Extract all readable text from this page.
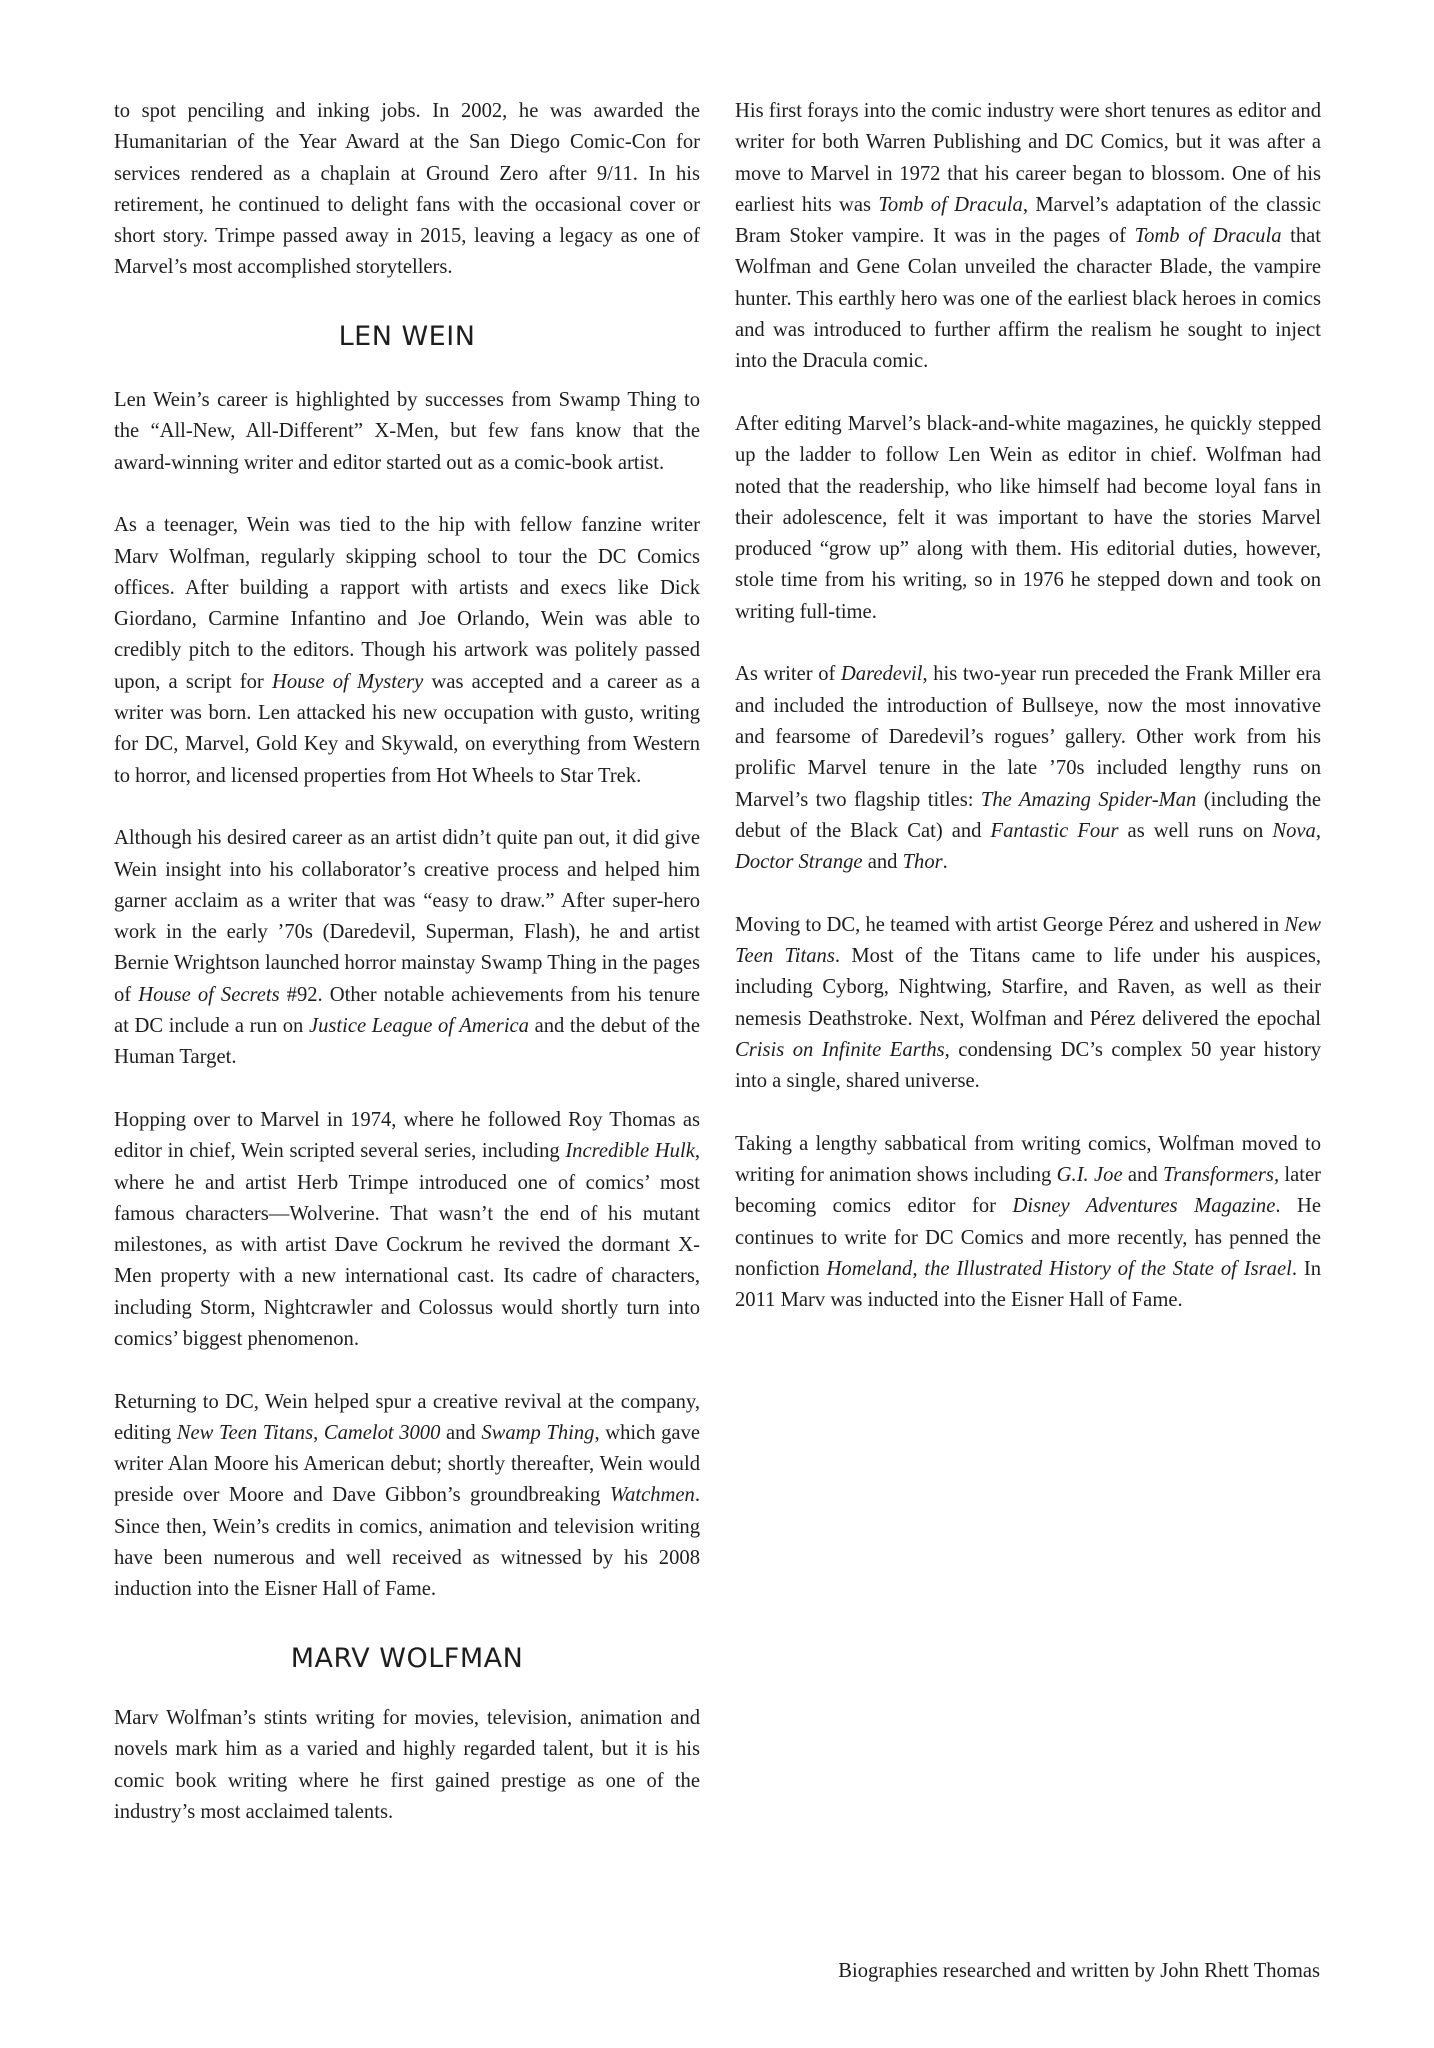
to spot penciling and inking jobs. In 2002, he was awarded the Humanitarian of the Year Award at the San Diego Comic-Con for services rendered as a chaplain at Ground Zero after 9/11. In his retirement, he continued to delight fans with the occasional cover or short story. Trimpe passed away in 2015, leaving a legacy as one of Marvel’s most accomplished storytellers.

LEN WEIN

Len Wein’s career is highlighted by successes from Swamp Thing to the “All-New, All-Different” X-Men, but few fans know that the award-winning writer and editor started out as a comic-book artist.

As a teenager, Wein was tied to the hip with fellow fanzine writer Marv Wolfman, regularly skipping school to tour the DC Comics offices. After building a rapport with artists and execs like Dick Giordano, Carmine Infantino and Joe Orlando, Wein was able to credibly pitch to the editors. Though his artwork was politely passed upon, a script for House of Mystery was accepted and a career as a writer was born. Len attacked his new occupation with gusto, writing for DC, Marvel, Gold Key and Skywald, on everything from Western to horror, and licensed properties from Hot Wheels to Star Trek.

Although his desired career as an artist didn’t quite pan out, it did give Wein insight into his collaborator’s creative process and helped him garner acclaim as a writer that was “easy to draw.” After super-hero work in the early ’70s (Daredevil, Superman, Flash), he and artist Bernie Wrightson launched horror mainstay Swamp Thing in the pages of House of Secrets #92. Other notable achievements from his tenure at DC include a run on Justice League of America and the debut of the Human Target.

Hopping over to Marvel in 1974, where he followed Roy Thomas as editor in chief, Wein scripted several series, including Incredible Hulk, where he and artist Herb Trimpe introduced one of comics’ most famous characters—Wolverine. That wasn’t the end of his mutant milestones, as with artist Dave Cockrum he revived the dormant X-Men property with a new international cast. Its cadre of characters, including Storm, Nightcrawler and Colossus would shortly turn into comics’ biggest phenomenon.

Returning to DC, Wein helped spur a creative revival at the company, editing New Teen Titans, Camelot 3000 and Swamp Thing, which gave writer Alan Moore his American debut; shortly thereafter, Wein would preside over Moore and Dave Gibbon’s groundbreaking Watchmen. Since then, Wein’s credits in comics, animation and television writing have been numerous and well received as witnessed by his 2008 induction into the Eisner Hall of Fame.

MARV WOLFMAN

Marv Wolfman’s stints writing for movies, television, animation and novels mark him as a varied and highly regarded talent, but it is his comic book writing where he first gained prestige as one of the industry’s most acclaimed talents.

His first forays into the comic industry were short tenures as editor and writer for both Warren Publishing and DC Comics, but it was after a move to Marvel in 1972 that his career began to blossom. One of his earliest hits was Tomb of Dracula, Marvel’s adaptation of the classic Bram Stoker vampire. It was in the pages of Tomb of Dracula that Wolfman and Gene Colan unveiled the character Blade, the vampire hunter. This earthly hero was one of the earliest black heroes in comics and was introduced to further affirm the realism he sought to inject into the Dracula comic.

After editing Marvel’s black-and-white magazines, he quickly stepped up the ladder to follow Len Wein as editor in chief. Wolfman had noted that the readership, who like himself had become loyal fans in their adolescence, felt it was important to have the stories Marvel produced “grow up” along with them. His editorial duties, however, stole time from his writing, so in 1976 he stepped down and took on writing full-time.

As writer of Daredevil, his two-year run preceded the Frank Miller era and included the introduction of Bullseye, now the most innovative and fearsome of Daredevil’s rogues’ gallery. Other work from his prolific Marvel tenure in the late ’70s included lengthy runs on Marvel’s two flagship titles: The Amazing Spider-Man (including the debut of the Black Cat) and Fantastic Four as well runs on Nova, Doctor Strange and Thor.

Moving to DC, he teamed with artist George Pérez and ushered in New Teen Titans. Most of the Titans came to life under his auspices, including Cyborg, Nightwing, Starfire, and Raven, as well as their nemesis Deathstroke. Next, Wolfman and Pérez delivered the epochal Crisis on Infinite Earths, condensing DC’s complex 50 year history into a single, shared universe.

Taking a lengthy sabbatical from writing comics, Wolfman moved to writing for animation shows including G.I. Joe and Transformers, later becoming comics editor for Disney Adventures Magazine. He continues to write for DC Comics and more recently, has penned the nonfiction Homeland, the Illustrated History of the State of Israel. In 2011 Marv was inducted into the Eisner Hall of Fame.

Biographies researched and written by John Rhett Thomas
